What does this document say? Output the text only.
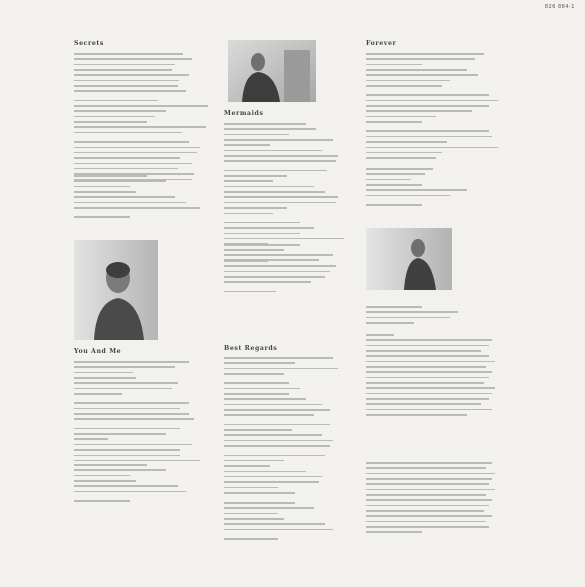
826 884-1
Secrets
You And Me
Mermaids
Best Regards
Forever
